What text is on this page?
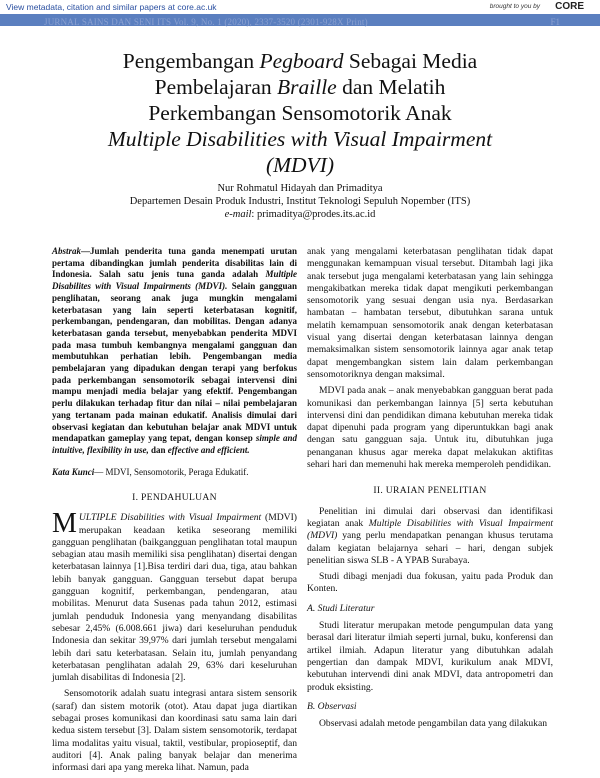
View metadata, citation and similar papers at core.ac.uk	brought to you by CORE
provided by Jurnal Sains dan Seni ITS
JURNAL SAINS DAN SENI ITS Vol. 9, No. 1 (2020), 2337-3520 (2301-928X Print)	F1
Pengembangan Pegboard Sebagai Media
Pembelajaran Braille dan Melatih
Perkembangan Sensomotorik Anak
Multiple Disabilities with Visual Impairment
(MDVI)
Nur Rohmatul Hidayah dan Primaditya
Departemen Desain Produk Industri, Institut Teknologi Sepuluh Nopember (ITS)
e-mail: primaditya@prodes.its.ac.id
Abstrak—Jumlah penderita tuna ganda menempati urutan pertama dibandingkan jumlah penderita disabilitas lain di Indonesia. Salah satu jenis tuna ganda adalah Multiple Disabilites with Visual Impairments (MDVI). Selain gangguan penglihatan, seorang anak juga mungkin mengalami keterbatasan yang lain seperti keterbatasan kognitif, perkembangan, pendengaran, dan mobilitas. Dengan adanya keterbatasan ganda tersebut, menyebabkan penderita MDVI pada masa tumbuh kembangnya mengalami gangguan dan membutuhkan perhatian lebih. Pengembangan media pembelajaran yang dipadukan dengan terapi yang berfokus pada perkembangan sensomotorik sebagai intervensi dini mampu menjadi media belajar yang efektif. Pengembangan perlu dilakukan terhadap fitur dan nilai – nilai pembelajaran yang tertanam pada mainan edukatif. Analisis dimulai dari observasi kegiatan dan kebutuhan belajar anak MDVI untuk mendapatkan gameplay yang tepat, dengan konsep simple and intuitive, flexibility in use, dan effective and efficient.
Kata Kunci— MDVI, Sensomotorik, Peraga Edukatif.
I. PENDAHULUAN

MULTIPLE Disabilities with Visual Impairment (MDVI) merupakan keadaan ketika seseorang memiliki gangguan penglihatan (baikgangguan penglihatan total maupun sebagian atau masih memiliki sisa penglihatan) disertai dengan keterbatasan lainnya [1].Bisa terdiri dari dua, tiga, atau bahkan lebih banyak gangguan. Gangguan tersebut dapat berupa gangguan kognitif, perkembangan, pendengaran, atau mobilitas. Menurut data Susenas pada tahun 2012, estimasi jumlah penduduk Indonesia yang menyandang disabilitas sebesar 2,45% (6.008.661 jiwa) dari keseluruhan penduduk Indonesia dan sekitar 39,97% dari jumlah tersebut mengalami lebih dari satu keterbatasan. Selain itu, jumlah penyandang keterbatasan penglihatan adalah 29, 63% dari keseluruhan jumlah disabilitas di Indonesia [2].

Sensomotorik adalah suatu integrasi antara sistem sensorik (saraf) dan sistem motorik (otot). Atau dapat juga diartikan sebagai proses komunikasi dan koordinasi satu sama lain dari kedua sistem tersebut [3]. Dalam sistem sensomotorik, terdapat lima modalitas yaitu visual, taktil, vestibular, propioseptif, dan auditori [4]. Anak paling banyak belajar dan menerima informasi dari apa yang mereka lihat. Namun, pada

anak yang mengalami keterbatasan penglihatan tidak dapat menggunakan kemampuan visual tersebut. Ditambah lagi jika anak tersebut juga mengalami keterbatasan yang lain sehingga mengakibatkan mereka tidak dapat mengikuti perkembangan sensomotorik yang sesuai dengan usia nya. Berdasarkan hambatan – hambatan tersebut, dibutuhkan sarana untuk melatih kemampuan sensomotorik anak dengan keterbatasan visual yang disertai dengan keterbatasan lainnya dengan memaksimalkan sistem sensomotorik lainnya agar anak tetap dapat mengembangkan sistem lain dalam perkembangan sensomotoriknya dengan maksimal.

MDVI pada anak – anak menyebabkan gangguan berat pada komunikasi dan perkembangan lainnya [5] serta kebutuhan intervensi dini dan pendidikan dimana kebutuhan mereka tidak dapat dipenuhi pada program yang diperuntukkan bagi anak dengan satu gangguan saja. Untuk itu, dibutuhkan juga penanganan khusus agar mereka dapat melakukan aktifitas sehari hari dan memenuhi hak mereka memperoleh pendidikan.

II. URAIAN PENELITIAN

Penelitian ini dimulai dari observasi dan identifikasi kegiatan anak Multiple Disabilities with Visual Impairment (MDVI) yang perlu mendapatkan penangan khusus terutama dalam kegiatan belajarnya sehari – hari, dengan subjek penelitian siswa SLB - A YPAB Surabaya.

Studi dibagi menjadi dua fokusan, yaitu pada Produk dan Konten.

A. Studi Literatur

Studi literatur merupakan metode pengumpulan data yang berasal dari literatur ilmiah seperti jurnal, buku, konferensi dan artikel ilmiah. Adapun literatur yang dibutuhkan adalah pengertian dan dampak MDVI, kurikulum anak MDVI, kebutuhan intervendi dini anak MDVI, data antropometri dan produk eksisting.

B. Observasi

Observasi adalah metode pengambilan data yang dilakukan
